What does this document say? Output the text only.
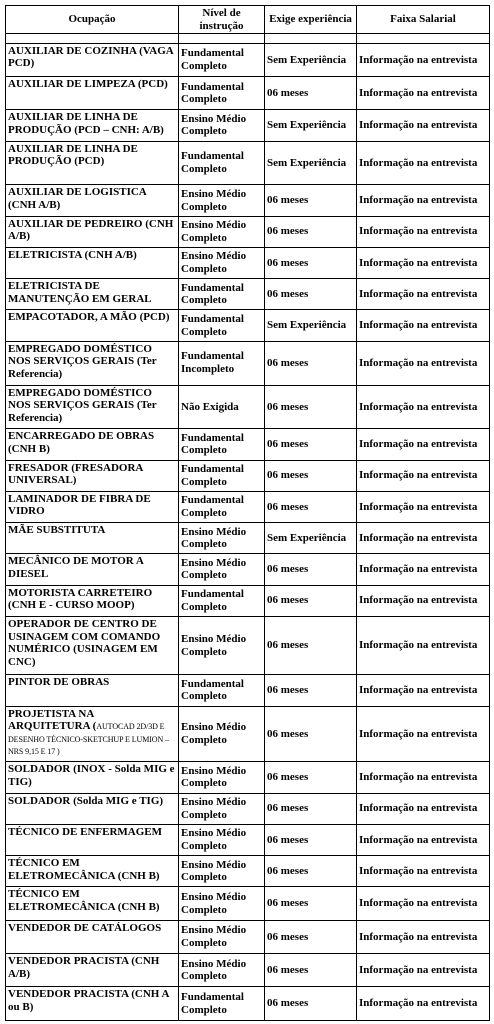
Ocupação	Nível de instrução	Exige experiência	Faixa Salarial

AUXILIAR DE COZINHA (VAGA PCD)	Fundamental Completo	Sem Experiência	Informação na entrevista
AUXILIAR DE LIMPEZA (PCD)	Fundamental Completo	06 meses	Informação na entrevista
AUXILIAR DE LINHA DE PRODUÇÃO (PCD – CNH: A/B)	Ensino Médio Completo	Sem Experiência	Informação na entrevista
AUXILIAR DE LINHA DE PRODUÇÃO (PCD)	Fundamental Completo	Sem Experiência	Informação na entrevista
AUXILIAR DE LOGISTICA (CNH A/B)	Ensino Médio Completo	06 meses	Informação na entrevista
AUXILIAR DE PEDREIRO (CNH A/B)	Ensino Médio Completo	06 meses	Informação na entrevista
ELETRICISTA (CNH A/B)	Ensino Médio Completo	06 meses	Informação na entrevista
ELETRICISTA DE MANUTENÇÃO EM GERAL	Fundamental Completo	06 meses	Informação na entrevista
EMPACOTADOR, A MÃO (PCD)	Fundamental Completo	Sem Experiência	Informação na entrevista
EMPREGADO DOMÉSTICO NOS SERVIÇOS GERAIS (Ter Referencia)	Fundamental Incompleto	06 meses	Informação na entrevista
EMPREGADO DOMÉSTICO NOS SERVIÇOS GERAIS (Ter Referencia)	Não Exigida	06 meses	Informação na entrevista
ENCARREGADO DE OBRAS (CNH B)	Fundamental Completo	06 meses	Informação na entrevista
FRESADOR (FRESADORA UNIVERSAL)	Fundamental Completo	06 meses	Informação na entrevista
LAMINADOR DE FIBRA DE VIDRO	Fundamental Completo	06 meses	Informação na entrevista
MÃE SUBSTITUTA	Ensino Médio Completo	Sem Experiência	Informação na entrevista
MECÂNICO DE MOTOR A DIESEL	Ensino Médio Completo	06 meses	Informação na entrevista
MOTORISTA CARRETEIRO (CNH E - CURSO MOOP)	Fundamental Completo	06 meses	Informação na entrevista
OPERADOR DE CENTRO DE USINAGEM COM COMANDO NUMÉRICO (USINAGEM EM CNC)	Ensino Médio Completo	06 meses	Informação na entrevista
PINTOR DE OBRAS	Fundamental Completo	06 meses	Informação na entrevista
PROJETISTA NA ARQUITETURA (AUTOCAD 2D/3D E DESENHO TÉCNICO-SKETCHUP E LUMION – NRS 9,15 E 17 )	Ensino Médio Completo	06 meses	Informação na entrevista
SOLDADOR (INOX - Solda MIG e TIG)	Ensino Médio Completo	06 meses	Informação na entrevista
SOLDADOR (Solda MIG e TIG)	Ensino Médio Completo	06 meses	Informação na entrevista
TÉCNICO DE ENFERMAGEM	Ensino Médio Completo	06 meses	Informação na entrevista
TÉCNICO EM ELETROMECÂNICA (CNH B)	Ensino Médio Completo	06 meses	Informação na entrevista
TÉCNICO EM ELETROMECÂNICA (CNH B)	Ensino Médio Completo	06 meses	Informação na entrevista
VENDEDOR DE CATÁLOGOS	Ensino Médio Completo	06 meses	Informação na entrevista
VENDEDOR PRACISTA (CNH A/B)	Ensino Médio Completo	06 meses	Informação na entrevista
VENDEDOR PRACISTA (CNH A ou B)	Fundamental Completo	06 meses	Informação na entrevista
